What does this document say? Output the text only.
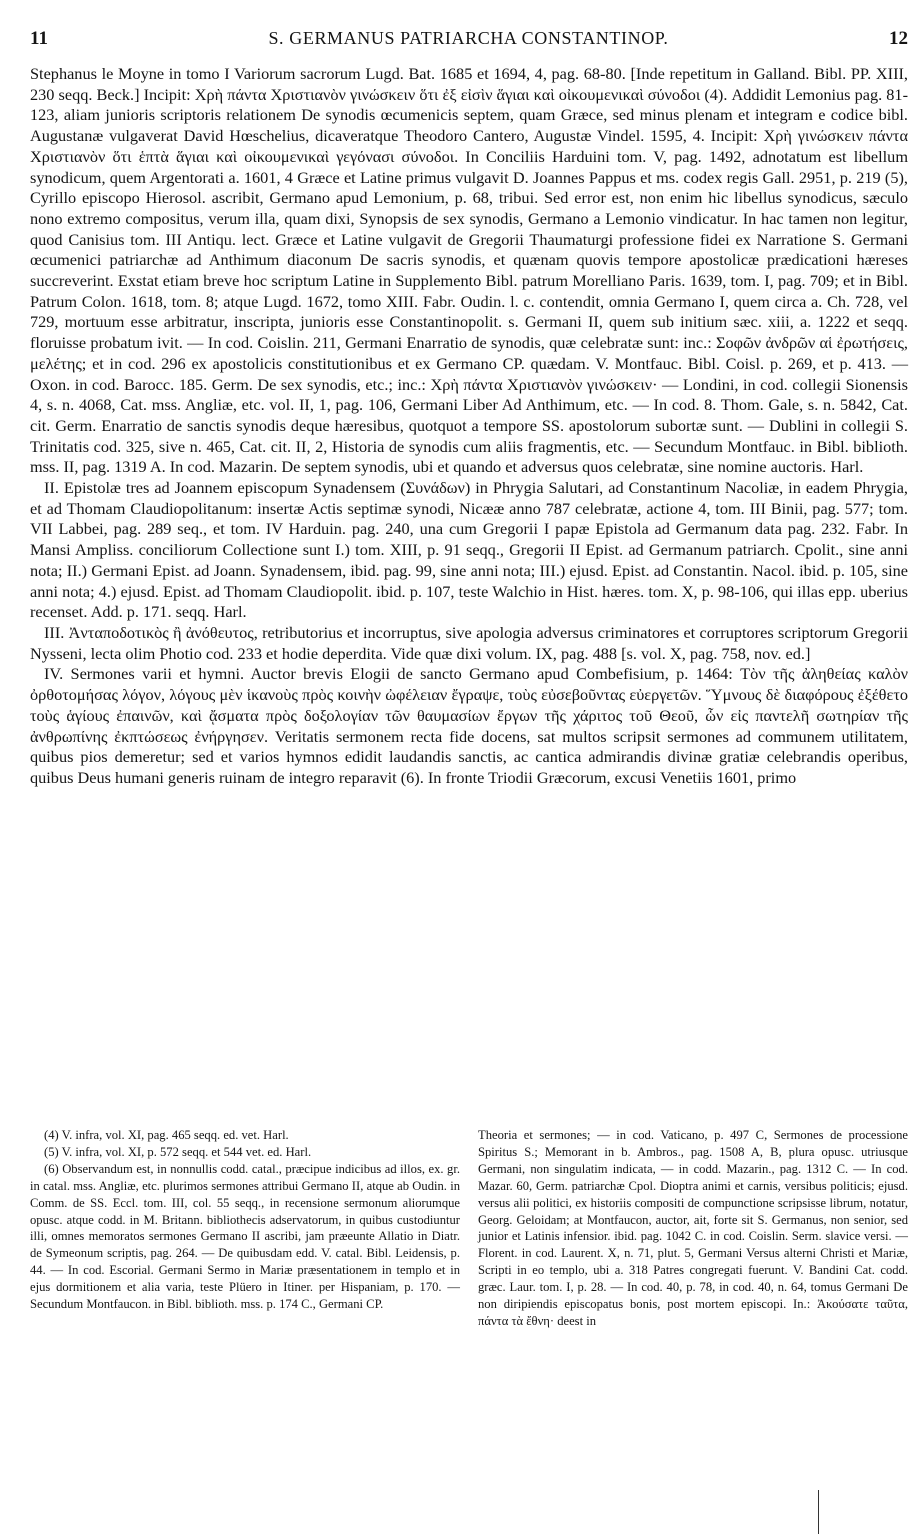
11	S. GERMANUS PATRIARCHA CONSTANTINOP.	12

Stephanus le Moyne in tomo I Variorum sacrorum Lugd. Bat. 1685 et 1694, 4, pag. 68-80. [Inde repetitum in Galland. Bibl. PP. XIII, 230 seqq. Beck.] Incipit: Χρὴ πάντα Χριστιανὸν γινώσκειν ὅτι ἐξ εἰσὶν ἅγιαι καὶ οἰκουμενικαὶ σύνοδοι (4). Addidit Lemonius pag. 81-123, aliam junioris scriptoris relationem De synodis œcumenicis septem, quam Græce, sed minus plenam et integram e codice bibl. Augustanæ vulgaverat David Hœschelius, dicaveratque Theodoro Cantero, Augustæ Vindel. 1595, 4. Incipit: Χρὴ γινώσκειν πάντα Χριστιανὸν ὅτι ἑπτὰ ἅγιαι καὶ οἰκουμενικαὶ γεγόνασι σύνοδοι. In Conciliis Harduini tom. V, pag. 1492, adnotatum est libellum synodicum, quem Argentorati a. 1601, 4 Græce et Latine primus vulgavit D. Joannes Pappus et ms. codex regis Gall. 2951, p. 219 (5), Cyrillo episcopo Hierosol. ascribit, Germano apud Lemonium, p. 68, tribui. Sed error est, non enim hic libellus synodicus, sæculo nono extremo compositus, verum illa, quam dixi, Synopsis de sex synodis, Germano a Lemonio vindicatur. In hac tamen non legitur, quod Canisius tom. III Antiqu. lect. Græce et Latine vulgavit de Gregorii Thaumaturgi professione fidei ex Narratione S. Germani œcumenici patriarchæ ad Anthimum diaconum De sacris synodis, et quænam quovis tempore apostolicæ prædicationi hæreses succreverint. Exstat etiam breve hoc scriptum Latine in Supplemento Bibl. patrum Morelliano Paris. 1639, tom. I, pag. 709; et in Bibl. Patrum Colon. 1618, tom. 8; atque Lugd. 1672, tomo XIII. Fabr. Oudin. l. c. contendit, omnia Germano I, quem circa a. Ch. 728, vel 729, mortuum esse arbitratur, inscripta, junioris esse Constantinopolit. s. Germani II, quem sub initium sæc. xiii, a. 1222 et seqq. floruisse probatum ivit. — In cod. Coislin. 211, Germani Enarratio de synodis, quæ celebratæ sunt: inc.: Σοφῶν ἀνδρῶν αἱ ἐρωτήσεις, μελέτης; et in cod. 296 ex apostolicis constitutionibus et ex Germano CP. quædam. V. Montfauc. Bibl. Coisl. p. 269, et p. 413. — Oxon. in cod. Barocc. 185. Germ. De sex synodis, etc.; inc.: Χρὴ πάντα Χριστιανὸν γινώσκειν· — Londini, in cod. collegii Sionensis 4, s. n. 4068, Cat. mss. Angliæ, etc. vol. II, 1, pag. 106, Germani Liber Ad Anthimum, etc. — In cod. 8. Thom. Gale, s. n. 5842, Cat. cit. Germ. Enarratio de sanctis synodis deque hæresibus, quotquot a tempore SS. apostolorum subortæ sunt. — Dublini in collegii S. Trinitatis cod. 325, sive n. 465, Cat. cit. II, 2, Historia de synodis cum aliis fragmentis, etc. — Secundum Montfauc. in Bibl. biblioth. mss. II, pag. 1319 A. In cod. Mazarin. De septem synodis, ubi et quando et adversus quos celebratæ, sine nomine auctoris. Harl.

II. Epistolæ tres ad Joannem episcopum Synadensem (Συνάδων) in Phrygia Salutari, ad Constantinum Nacoliæ, in eadem Phrygia, et ad Thomam Claudiopolitanum: insertæ Actis septimæ synodi, Nicææ anno 787 celebratæ, actione 4, tom. III Binii, pag. 577; tom. VII Labbei, pag. 289 seq., et tom. IV Harduin. pag. 240, una cum Gregorii I papæ Epistola ad Germanum data pag. 232. Fabr. In Mansi Ampliss. conciliorum Collectione sunt I.) tom. XIII, p. 91 seqq., Gregorii II Epist. ad Germanum patriarch. Cpolit., sine anni nota; II.) Germani Epist. ad Joann. Synadensem, ibid. pag. 99, sine anni nota; III.) ejusd. Epist. ad Constantin. Nacol. ibid. p. 105, sine anni nota; 4.) ejusd. Epist. ad Thomam Claudiopolit. ibid. p. 107, teste Walchio in Hist. hæres. tom. X, p. 98-106, qui illas epp. uberius recenset. Add. p. 171. seqq. Harl.

III. Ἀνταποδοτικὸς ἢ ἀνόθευτος, retributorius et incorruptus, sive apologia adversus criminatores et corruptores scriptorum Gregorii Nysseni, lecta olim Photio cod. 233 et hodie deperdita. Vide quæ dixi volum. IX, pag. 488 [s. vol. X, pag. 758, nov. ed.]

IV. Sermones varii et hymni. Auctor brevis Elogii de sancto Germano apud Combefisium, p. 1464: Τὸν τῆς ἀληθείας καλὸν ὀρθοτομήσας λόγον, λόγους μὲν ἱκανοὺς πρὸς κοινὴν ὠφέλειαν ἔγραψε, τοὺς εὐσεβοῦντας εὐεργετῶν. Ὕμνους δὲ διαφόρους ἐξέθετο τοὺς ἁγίους ἐπαινῶν, καὶ ᾄσματα πρὸς δοξολογίαν τῶν θαυμασίων ἔργων τῆς χάριτος τοῦ Θεοῦ, ὧν εἰς παντελῆ σωτηρίαν τῆς ἀνθρωπίνης ἐκπτώσεως ἐνήργησεν. Veritatis sermonem recta fide docens, sat multos scripsit sermones ad communem utilitatem, quibus pios demeretur; sed et varios hymnos edidit laudandis sanctis, ac cantica admirandis divinæ gratiæ celebrandis operibus, quibus Deus humani generis ruinam de integro reparavit (6). In fronte Triodii Græcorum, excusi Venetiis 1601, primo

(4) V. infra, vol. XI, pag. 465 seqq. ed. vet. Harl.

(5) V. infra, vol. XI, p. 572 seqq. et 544 vet. ed. Harl.

(6) Observandum est, in nonnullis codd. catal., præcipue indicibus ad illos, ex. gr. in catal. mss. Angliæ, etc. plurimos sermones attribui Germano II, atque ab Oudin. in Comm. de SS. Eccl. tom. III, col. 55 seqq., in recensione sermonum aliorumque opusc. atque codd. in M. Britann. bibliothecis adservatorum, in quibus custodiuntur illi, omnes memoratos sermones Germano II ascribi, jam præeunte Allatio in Diatr. de Symeonum scriptis, pag. 264. — De quibusdam edd. V. catal. Bibl. Leidensis, p. 44. — In cod. Escorial. Germani Sermo in Mariæ præsentationem in templo et in ejus dormitionem et alia varia, teste Plüero in Itiner. per Hispaniam, p. 170. — Secundum Montfaucon. in Bibl. biblioth. mss. p. 174 C., Germani CP.

Theoria et sermones; — in cod. Vaticano, p. 497 C, Sermones de processione Spiritus S.; Memorant in b. Ambros., pag. 1508 A, B, plura opusc. utriusque Germani, non singulatim indicata, — in codd. Mazarin., pag. 1312 C. — In cod. Mazar. 60, Germ. patriarchæ Cpol. Dioptra animi et carnis, versibus politicis; ejusd. versus alii politici, ex historiis compositi de compunctione scripsisse librum, notatur, Georg. Geloidam; at Montfaucon, auctor, ait, forte sit S. Germanus, non senior, sed junior et Latinis infensior. ibid. pag. 1042 C. in cod. Coislin. Serm. slavice versi. — Florent. in cod. Laurent. X, n. 71, plut. 5, Germani Versus alterni Christi et Mariæ, Scripti in eo templo, ubi a. 318 Patres congregati fuerunt. V. Bandini Cat. codd. græc. Laur. tom. I, p. 28. — In cod. 40, p. 78, in cod. 40, n. 64, tomus Germani De non diripiendis episcopatus bonis, post mortem episcopi. In.: Ἀκούσατε ταῦτα, πάντα τὰ ἔθνη· deest in
